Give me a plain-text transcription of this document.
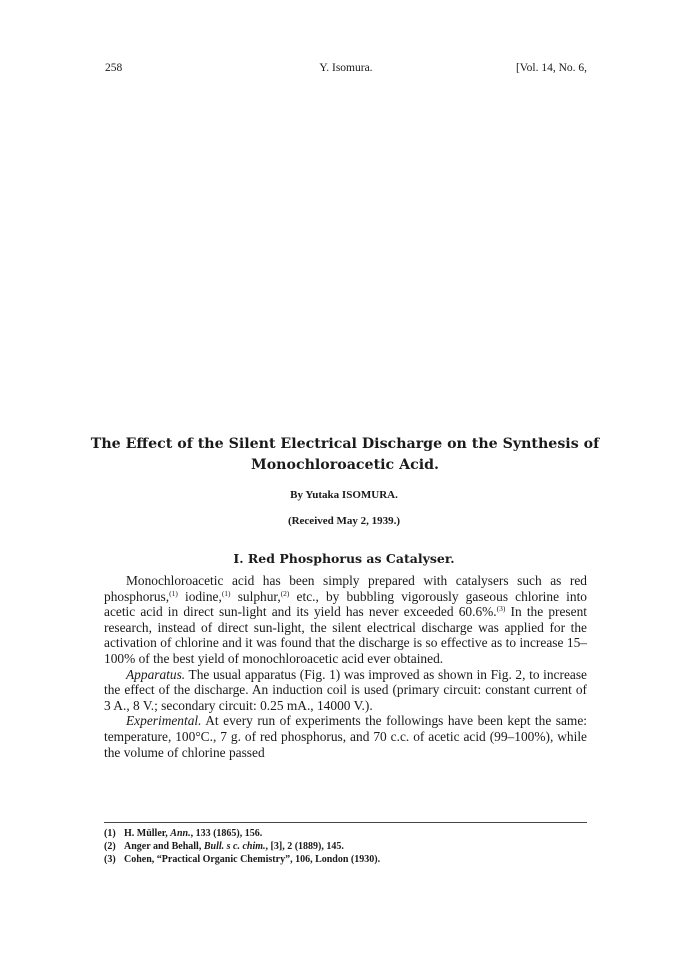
258	Y. Isomura.	[Vol. 14, No. 6,
The Effect of the Silent Electrical Discharge on the Synthesis of Monochloroacetic Acid.
By Yutaka ISOMURA.
(Received May 2, 1939.)
I. Red Phosphorus as Catalyser.

Monochloroacetic acid has been simply prepared with catalysers such as red phosphorus,$^{(1)}$ iodine,$^{(1)}$ sulphur,$^{(2)}$ etc., by bubbling vigorously gaseous chlorine into acetic acid in direct sun-light and its yield has never exceeded 60.6%.$^{(3)}$ In the present research, instead of direct sun-light, the silent electrical discharge was applied for the activation of chlorine and it was found that the discharge is so effective as to increase 15–100% of the best yield of monochloroacetic acid ever obtained.

Apparatus. The usual apparatus (Fig. 1) was improved as shown in Fig. 2, to increase the effect of the discharge. An induction coil is used (primary circuit: constant current of 3 A., 8 V.; secondary circuit: 0.25 mA., 14000 V.).

Experimental. At every run of experiments the followings have been kept the same: temperature, 100°C., 7 g. of red phosphorus, and 70 c.c. of acetic acid (99–100%), while the volume of chlorine passed

(1) H. Müller, Ann., 133 (1865), 156.
(2) Anger and Behall, Bull. s c. chim., [3], 2 (1889), 145.
(3) Cohen, “Practical Organic Chemistry”, 106, London (1930).
